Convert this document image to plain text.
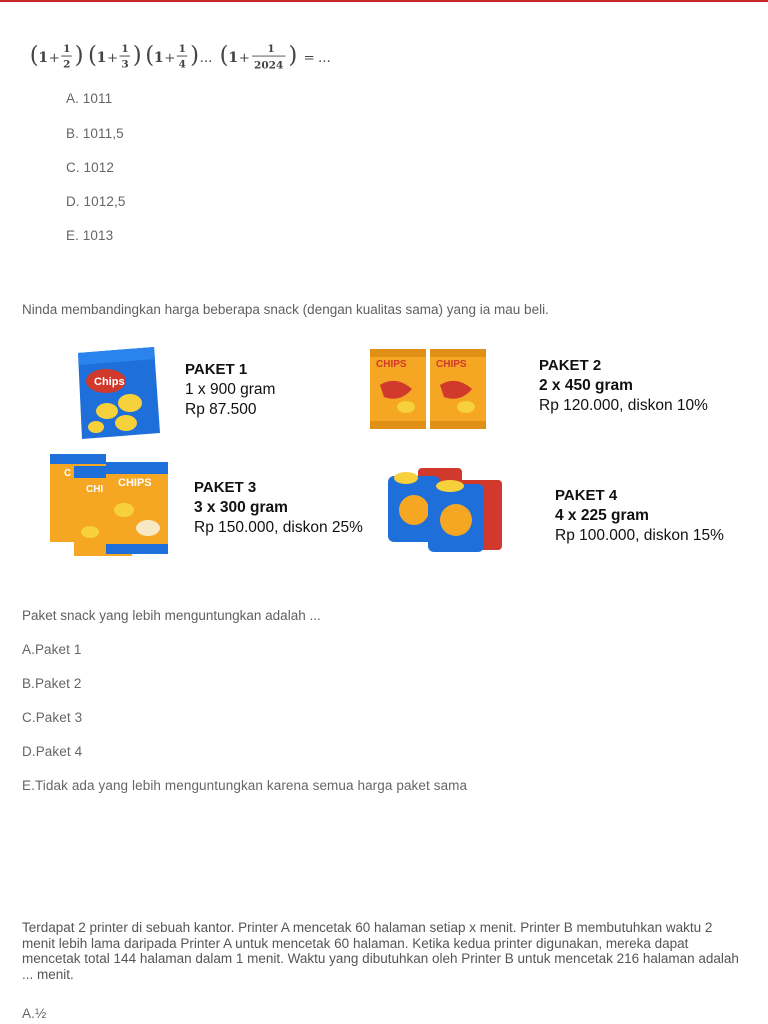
( 1 +
1
2 ) ( 1 +
1
3 ) ( 1 +
1
4 ) ... ( 1 +
1
2024 ) = ...
A. 1011
B. 1011,5
C. 1012
D. 1012,5
E. 1013
Ninda membandingkan harga beberapa snack (dengan kualitas sama) yang ia mau beli.
Chips
PAKET 1
1 x 900 gram
Rp 87.500
CHIPS	CHIPS	PAKET 2
2 x 450 gram
Rp 120.000, diskon 10%
C
CHI
CHIPS	PAKET 3
3 x 300 gram
Rp 150.000, diskon 25%
PAKET 4
4 x 225 gram
Rp 100.000, diskon 15%
Paket snack yang lebih menguntungkan adalah ...
A.Paket 1
B.Paket 2
C.Paket 3
D.Paket 4
E.Tidak ada yang lebih menguntungkan karena semua harga paket sama
Terdapat 2 printer di sebuah kantor. Printer A mencetak 60 halaman setiap x menit. Printer B membutuhkan waktu 2 menit lebih lama daripada Printer A untuk mencetak 60 halaman. Ketika kedua printer digunakan, mereka dapat mencetak total 144 halaman dalam 1 menit. Waktu yang dibutuhkan oleh Printer B untuk mencetak 216 halaman adalah ... menit.
A.½
